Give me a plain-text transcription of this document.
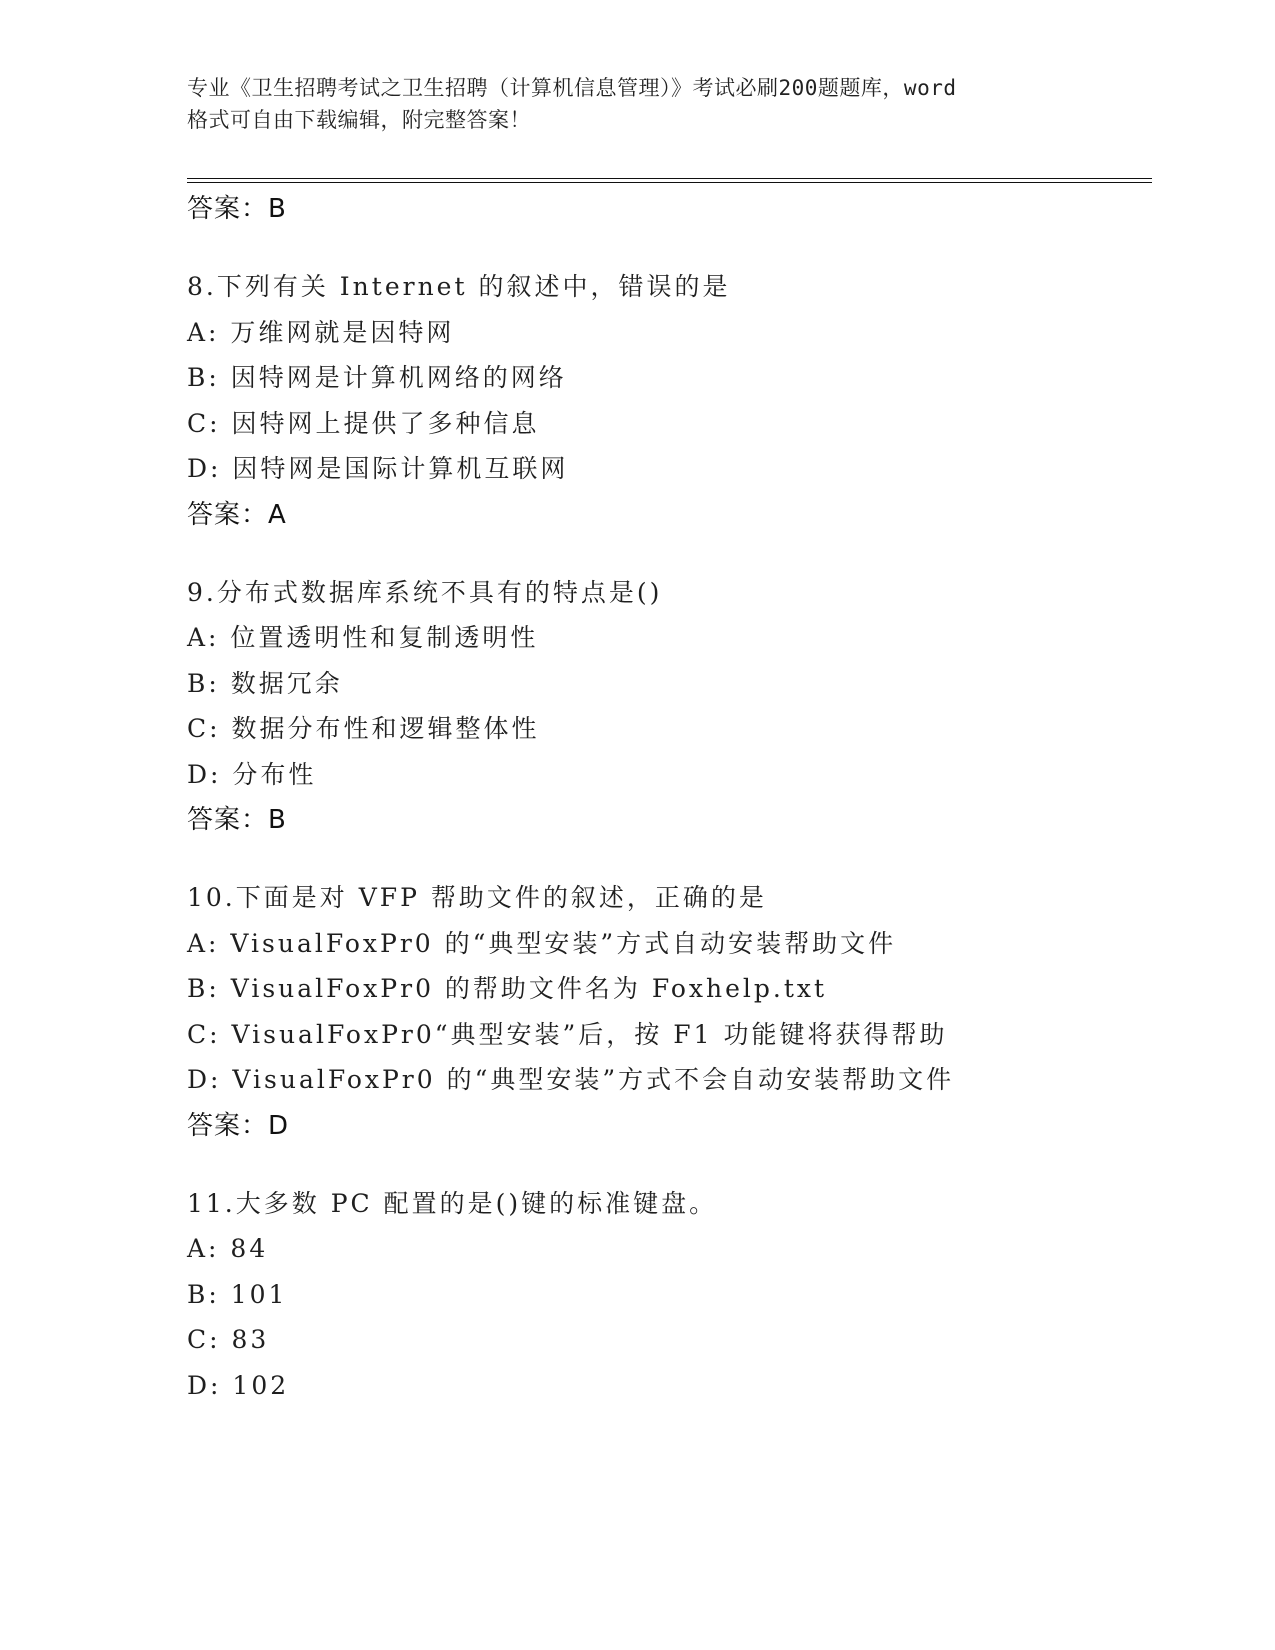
专业《卫生招聘考试之卫生招聘（计算机信息管理）》考试必刷200题题库，word
格式可自由下载编辑，附完整答案！
答案：B
8.下列有关 Internet 的叙述中，错误的是
A: 万维网就是因特网
B: 因特网是计算机网络的网络
C: 因特网上提供了多种信息
D: 因特网是国际计算机互联网
答案：A
9.分布式数据库系统不具有的特点是()
A: 位置透明性和复制透明性
B: 数据冗余
C: 数据分布性和逻辑整体性
D: 分布性
答案：B
10.下面是对 VFP 帮助文件的叙述，正确的是
A: VisualFoxPr0 的“典型安装”方式自动安装帮助文件
B: VisualFoxPr0 的帮助文件名为 Foxhelp.txt
C: VisualFoxPr0“典型安装”后，按 F1 功能键将获得帮助
D: VisualFoxPr0 的“典型安装”方式不会自动安装帮助文件
答案：D
11.大多数 PC 配置的是()键的标准键盘。
A: 84
B: 101
C: 83
D: 102
